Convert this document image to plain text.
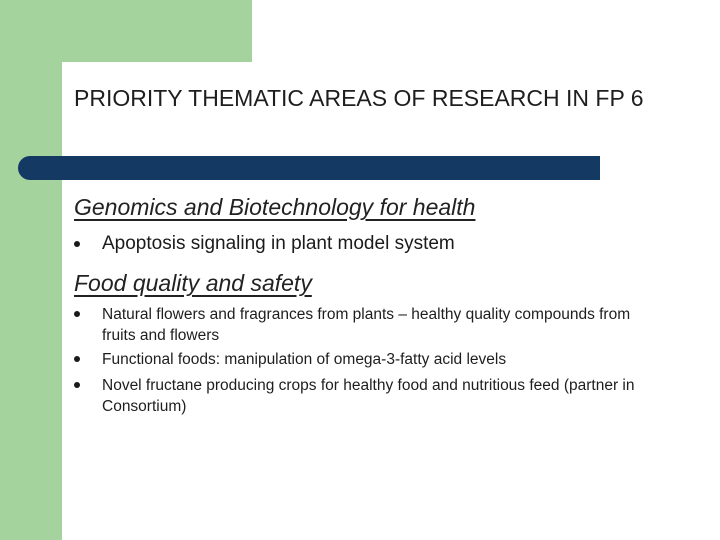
PRIORITY THEMATIC AREAS OF RESEARCH IN FP 6
Genomics and Biotechnology for health
Apoptosis signaling in plant model system
Food quality and safety
Natural flowers and fragrances from plants – healthy quality compounds from fruits and flowers
Functional foods: manipulation of omega-3-fatty acid levels
Novel fructane producing crops for healthy food and nutritious feed (partner in Consortium)
